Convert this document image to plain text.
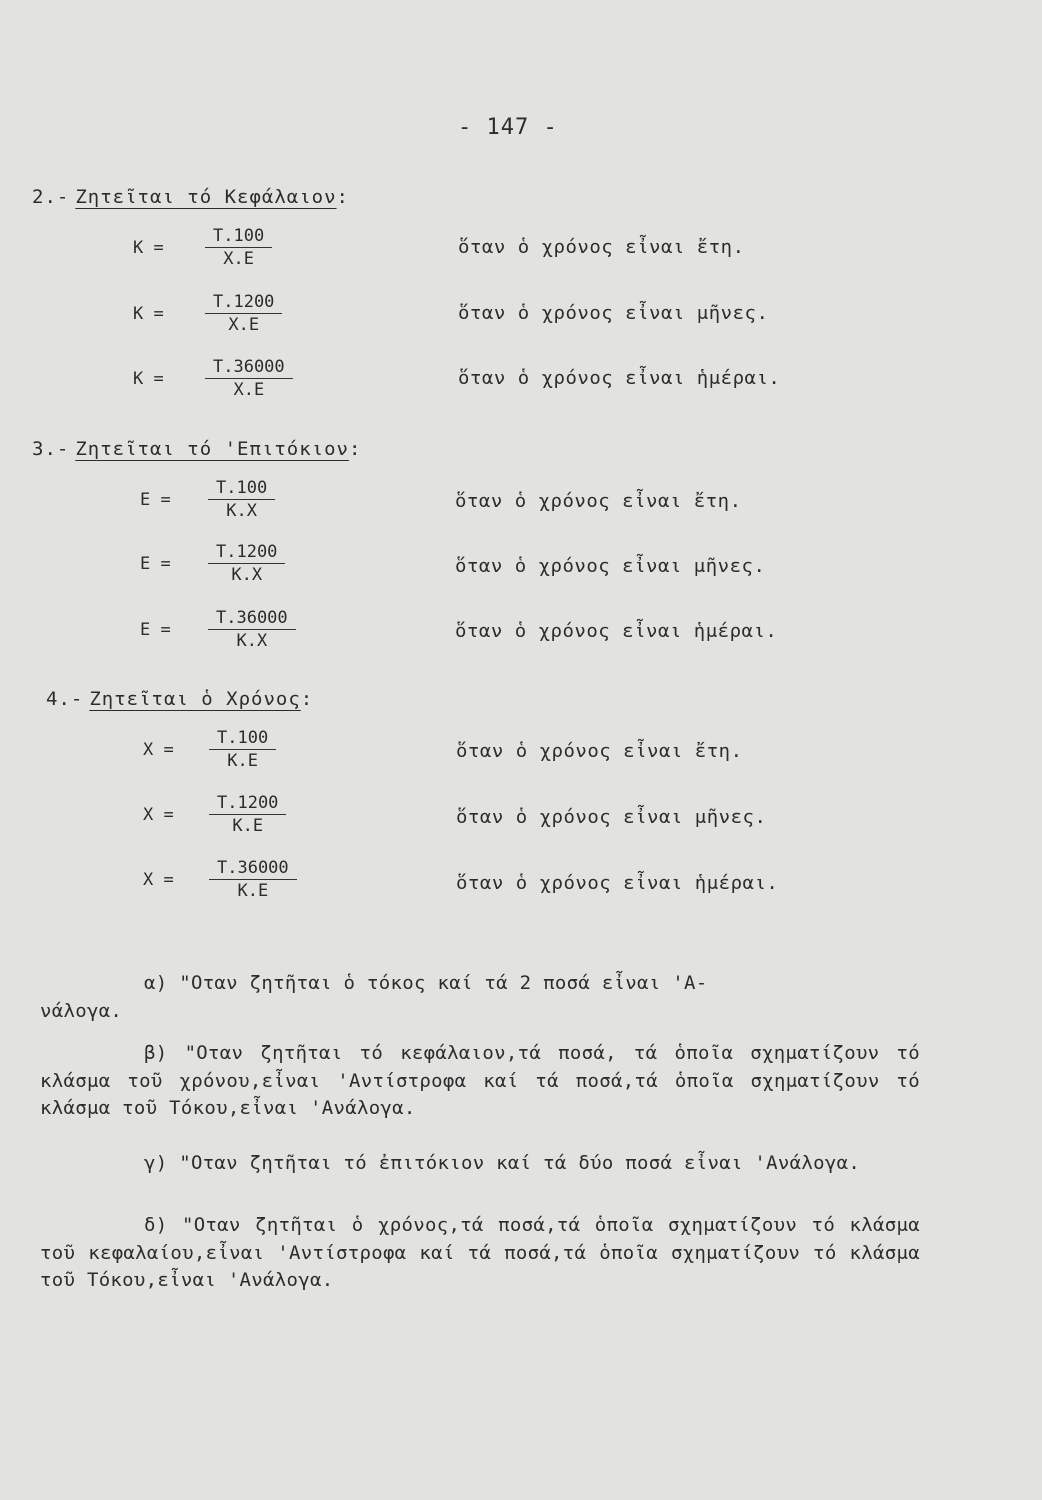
- 147 -
2.- Ζητεῖται τό Κεφάλαιον:
$K = \frac{T.100}{X.E}$	ὅταν ὁ χρόνος εἶναι ἔτη.
$K = \frac{T.1200}{X.E}$	ὅταν ὁ χρόνος εἶναι μῆνες.
$K = \frac{T.36000}{X.E}$	ὅταν ὁ χρόνος εἶναι ἡμέραι.
3.- Ζητεῖται τό 'Επιτόκιον:
$E = \frac{T.100}{K.X}$	ὅταν ὁ χρόνος εἶναι ἔτη.
$E = \frac{T.1200}{K.X}$	ὅταν ὁ χρόνος εἶναι μῆνες.
$E = \frac{T.36000}{K.X}$	ὅταν ὁ χρόνος εἶναι ἡμέραι.
4.- Ζητεῖται ὁ Χρόνος:
$X = \frac{T.100}{K.E}$	ὅταν ὁ χρόνος εἶναι ἔτη.
$X = \frac{T.1200}{K.E}$	ὅταν ὁ χρόνος εἶναι μῆνες.
$X = \frac{T.36000}{K.E}$	ὅταν ὁ χρόνος εἶναι ἡμέραι.

α) "Οταν ζητῆται ὁ τόκος καί τά 2 ποσά εἶναι 'Α-

νάλογα.

β) "Οταν ζητῆται τό κεφάλαιον,τά ποσά, τά ὁποῖα σχηματίζουν τό κλάσμα τοῦ χρόνου,εἶναι 'Αντίστροφα καί τά ποσά,τά ὁποῖα σχηματίζουν τό κλάσμα τοῦ Τόκου,εἶναι 'Ανάλογα.

γ) "Οταν ζητῆται τό ἐπιτόκιον καί τά δύο ποσά εἶναι 'Ανάλογα.

δ) "Οταν ζητῆται ὁ χρόνος,τά ποσά,τά ὁποῖα σχηματίζουν τό κλάσμα τοῦ κεφαλαίου,εἶναι 'Αντίστροφα καί τά ποσά,τά ὁποῖα σχηματίζουν τό κλάσμα τοῦ Τόκου,εἶναι 'Ανάλογα.
